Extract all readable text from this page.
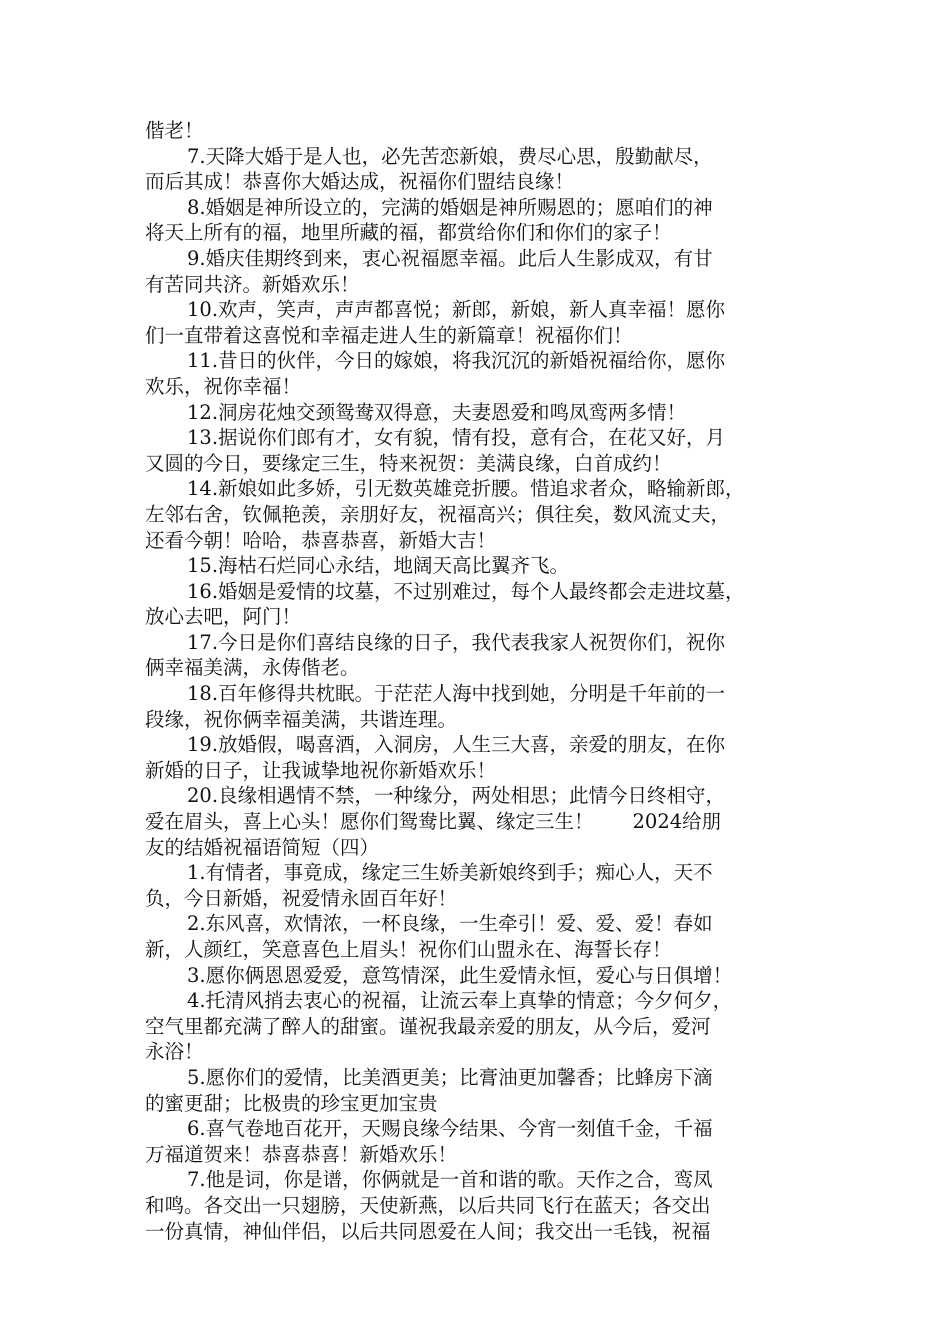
偕老！
7.天降大婚于是人也，必先苦恋新娘，费尽心思，殷勤献尽，
而后其成！恭喜你大婚达成，祝福你们盟结良缘！
8.婚姻是神所设立的，完满的婚姻是神所赐恩的；愿咱们的神
将天上所有的福，地里所藏的福，都赏给你们和你们的家子！
9.婚庆佳期终到来，衷心祝福愿幸福。此后人生影成双，有甘
有苦同共济。新婚欢乐！
10.欢声，笑声，声声都喜悦；新郎，新娘，新人真幸福！愿你
们一直带着这喜悦和幸福走进人生的新篇章！祝福你们！
11.昔日的伙伴，今日的嫁娘，将我沉沉的新婚祝福给你，愿你
欢乐，祝你幸福！
12.洞房花烛交颈鸳鸯双得意，夫妻恩爱和鸣凤鸾两多情！
13.据说你们郎有才，女有貌，情有投，意有合，在花又好，月
又圆的今日，要缘定三生，特来祝贺：美满良缘，白首成约！
14.新娘如此多娇，引无数英雄竞折腰。惜追求者众，略输新郎，
左邻右舍，钦佩艳羡，亲朋好友，祝福高兴；俱往矣，数风流丈夫，
还看今朝！哈哈，恭喜恭喜，新婚大吉！
15.海枯石烂同心永结，地阔天高比翼齐飞。
16.婚姻是爱情的坟墓，不过别难过，每个人最终都会走进坟墓，
放心去吧，阿门！
17.今日是你们喜结良缘的日子，我代表我家人祝贺你们，祝你
俩幸福美满，永俦偕老。
18.百年修得共枕眠。于茫茫人海中找到她，分明是千年前的一
段缘，祝你俩幸福美满，共谐连理。
19.放婚假，喝喜酒，入洞房，人生三大喜，亲爱的朋友，在你
新婚的日子，让我诚挚地祝你新婚欢乐！
20.良缘相遇情不禁，一种缘分，两处相思；此情今日终相守，
爱在眉头，喜上心头！愿你们鸳鸯比翼、缘定三生！　　2024给朋
友的结婚祝福语简短（四）
1.有情者，事竟成，缘定三生娇美新娘终到手；痴心人，天不
负，今日新婚，祝爱情永固百年好！
2.东风喜，欢情浓，一杯良缘，一生牵引！爱、爱、爱！春如
新，人颜红，笑意喜色上眉头！祝你们山盟永在、海誓长存！
3.愿你俩恩恩爱爱，意笃情深，此生爱情永恒，爱心与日俱增！
4.托清风捎去衷心的祝福，让流云奉上真挚的情意；今夕何夕，
空气里都充满了醉人的甜蜜。谨祝我最亲爱的朋友，从今后，爱河
永浴！
5.愿你们的爱情，比美酒更美；比膏油更加馨香；比蜂房下滴
的蜜更甜；比极贵的珍宝更加宝贵
6.喜气卷地百花开，天赐良缘今结果、今宵一刻值千金，千福
万福道贺来！恭喜恭喜！新婚欢乐！
7.他是词，你是谱，你俩就是一首和谐的歌。天作之合，鸾凤
和鸣。各交出一只翅膀，天使新燕，以后共同飞行在蓝天；各交出
一份真情，神仙伴侣，以后共同恩爱在人间；我交出一毛钱，祝福
